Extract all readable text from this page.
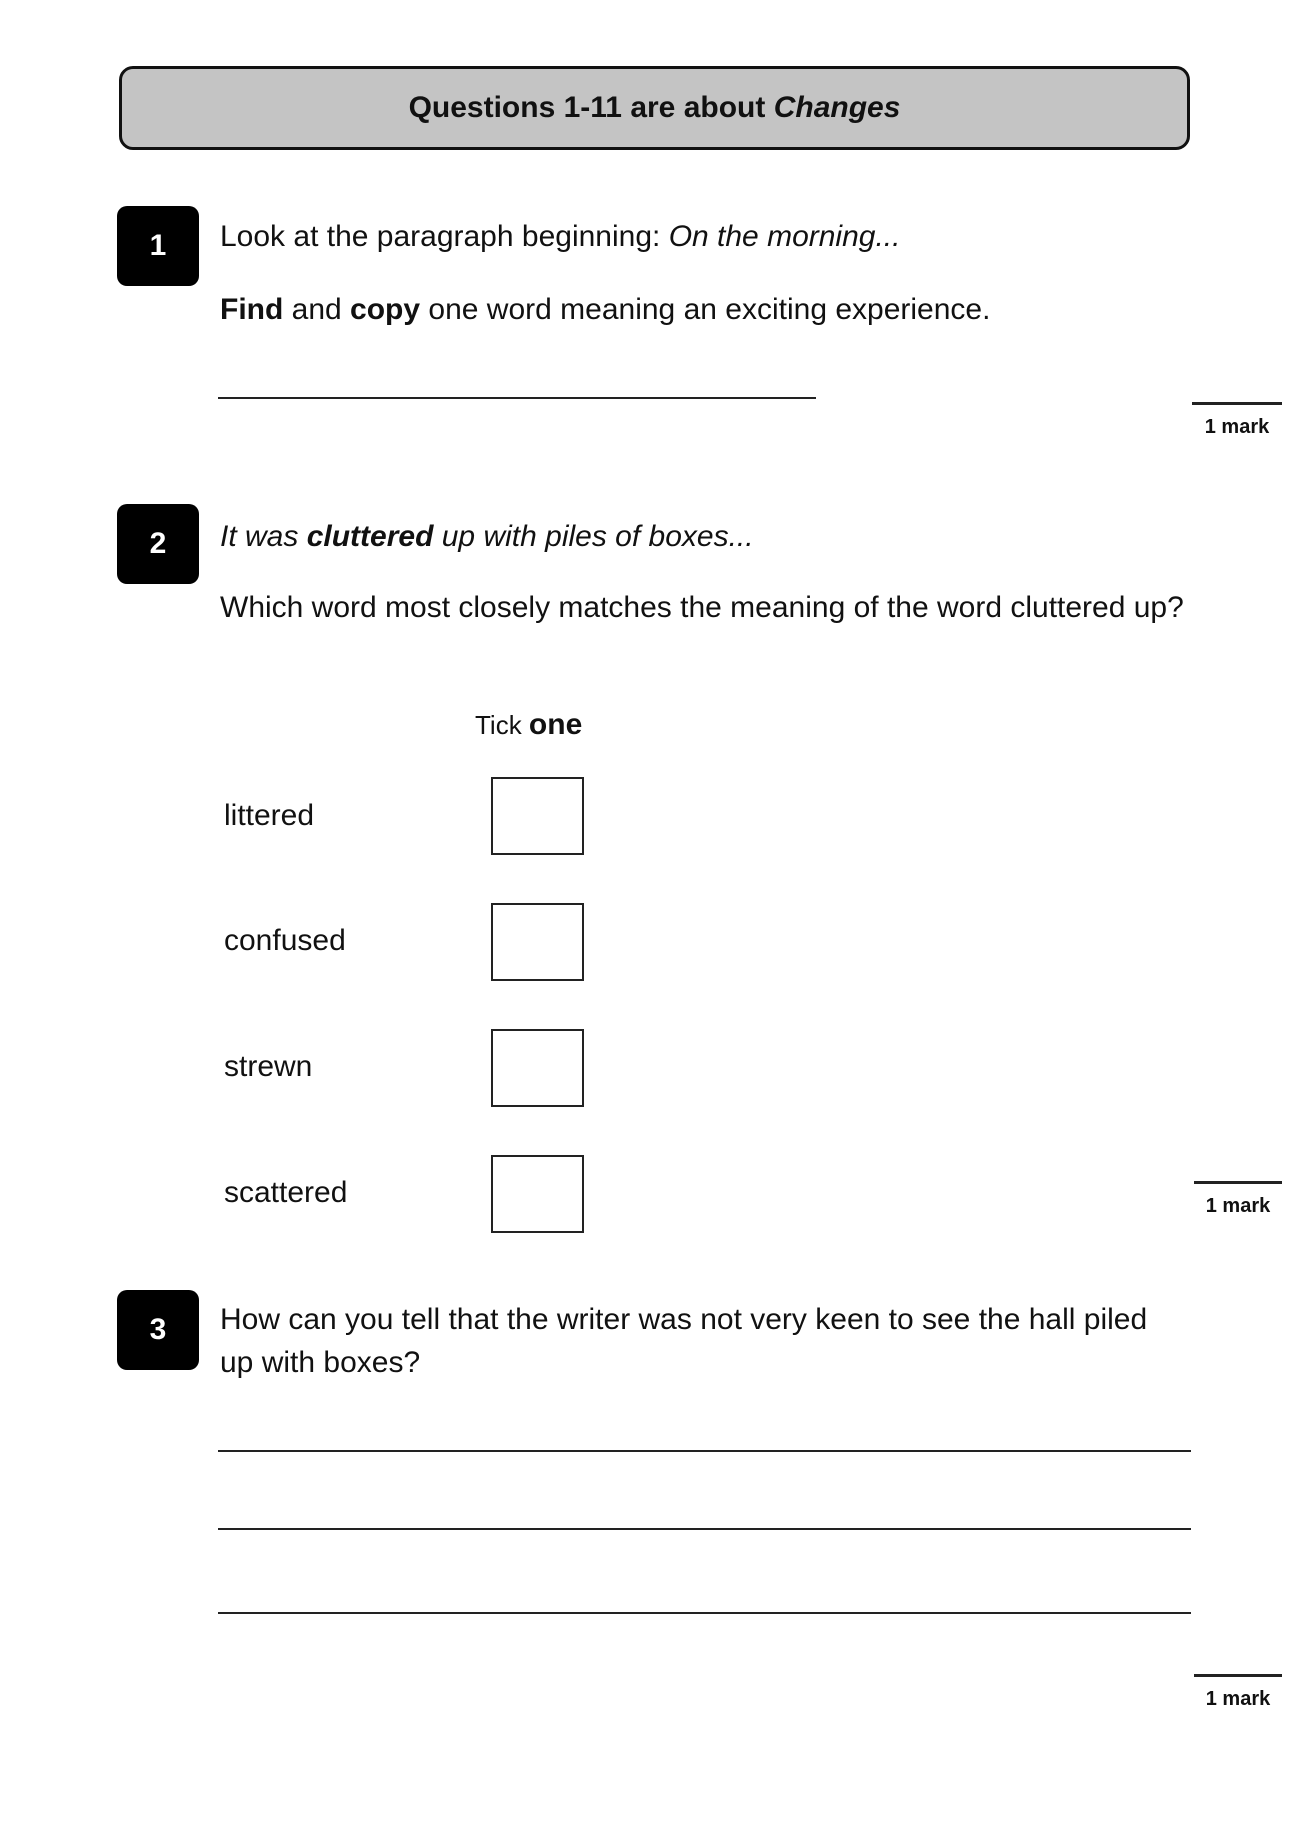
Questions 1-11 are about
Changes
1	Look at the paragraph beginning: On the morning...
Find and copy one word meaning an exciting experience.
1 mark
2	It was cluttered up with piles of boxes...
Which word most closely matches the meaning of the word cluttered up?
Tick one
littered
confused
strewn
scattered	1 mark
3	How can you tell that the writer was not very keen to see the hall piled up with boxes?
1 mark
